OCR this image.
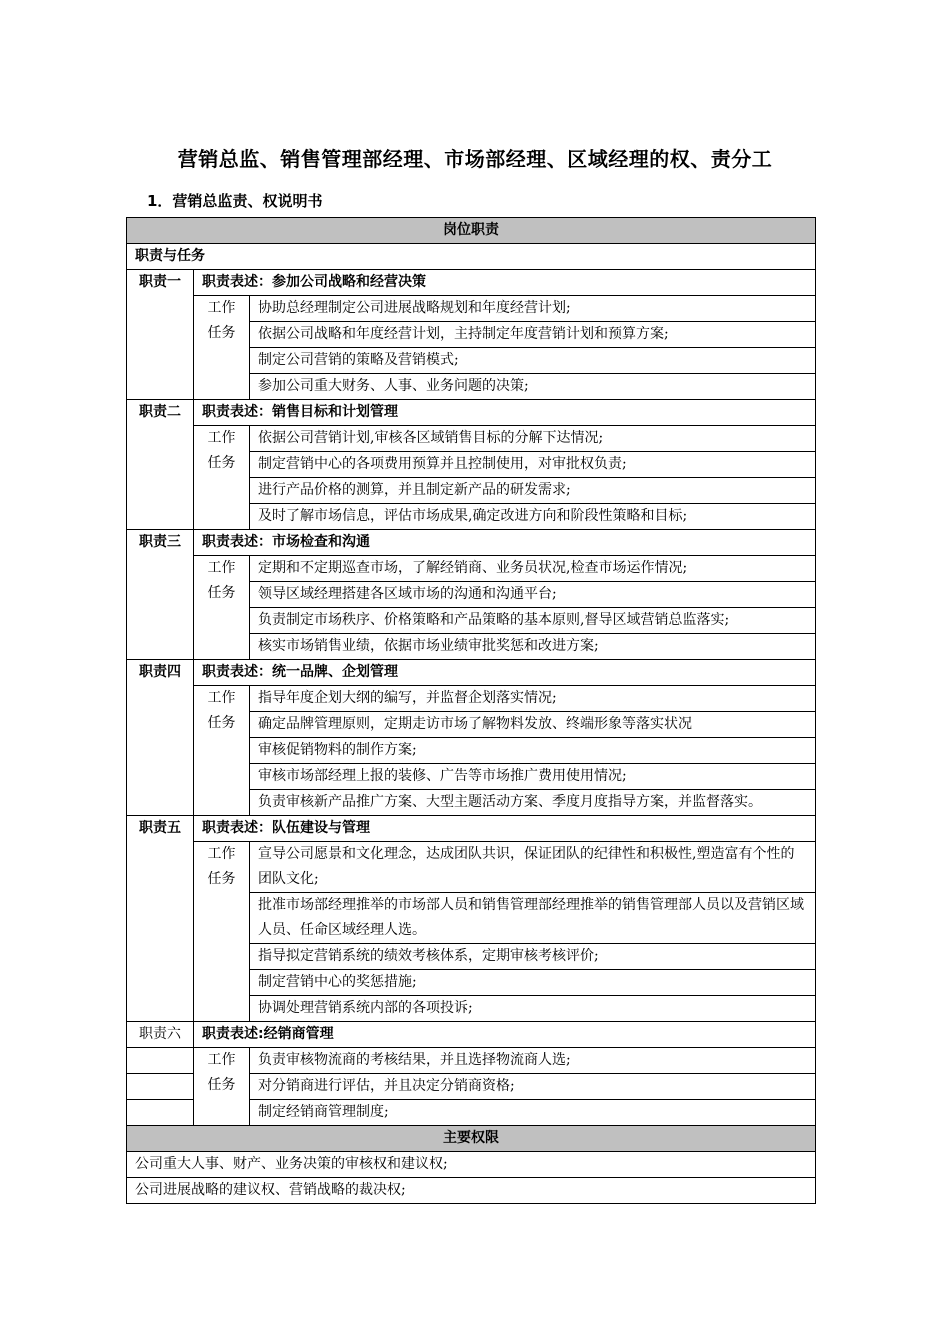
营销总监、销售管理部经理、市场部经理、区域经理的权、责分工
1．营销总监责、权说明书
岗位职责		
职责与任务		
职责一	职责表述：参加公司战略和经营决策	

	工作
任务	协助总经理制定公司进展战略规划和年度经营计划;
		依据公司战略和年度经营计划，主持制定年度营销计划和预算方案;
		制定公司营销的策略及营销模式;
		参加公司重大财务、人事、业务问题的决策;
职责二	职责表述：销售目标和计划管理	

	工作
任务	依据公司营销计划,审核各区域销售目标的分解下达情况;
		制定营销中心的各项费用预算并且控制使用，对审批权负责;
		进行产品价格的测算，并且制定新产品的研发需求;
		及时了解市场信息，评估市场成果,确定改进方向和阶段性策略和目标;
职责三	职责表述：市场检查和沟通	

	工作
任务	定期和不定期巡查市场，了解经销商、业务员状况,检查市场运作情况;
		领导区域经理搭建各区域市场的沟通和沟通平台;
		负责制定市场秩序、价格策略和产品策略的基本原则,督导区域营销总监落实;
		核实市场销售业绩，依据市场业绩审批奖惩和改进方案;
职责四	职责表述：统一品牌、企划管理	

	工作
任务	指导年度企划大纲的编写，并监督企划落实情况;
		确定品牌管理原则，定期走访市场了解物料发放、终端形象等落实状况
		审核促销物料的制作方案;
		审核市场部经理上报的装修、广告等市场推广费用使用情况;
		负责审核新产品推广方案、大型主题活动方案、季度月度指导方案，并监督落实。
职责五	职责表述：队伍建设与管理	

	工作
任务	宣导公司愿景和文化理念，达成团队共识，保证团队的纪律性和积极性,塑造富有个性的团队文化;
		批准市场部经理推举的市场部人员和销售管理部经理推举的销售管理部人员以及营销区域人员、任命区域经理人选。
		指导拟定营销系统的绩效考核体系，定期审核考核评价;
		制定营销中心的奖惩措施;
		协调处理营销系统内部的各项投诉;
职责六	职责表述:经销商管理	

	工作
任务	负责审核物流商的考核结果，并且选择物流商人选;
		对分销商进行评估，并且决定分销商资格;
		制定经销商管理制度;
主要权限		
公司重大人事、财产、业务决策的审核权和建议权;		
公司进展战略的建议权、营销战略的裁决权;		
